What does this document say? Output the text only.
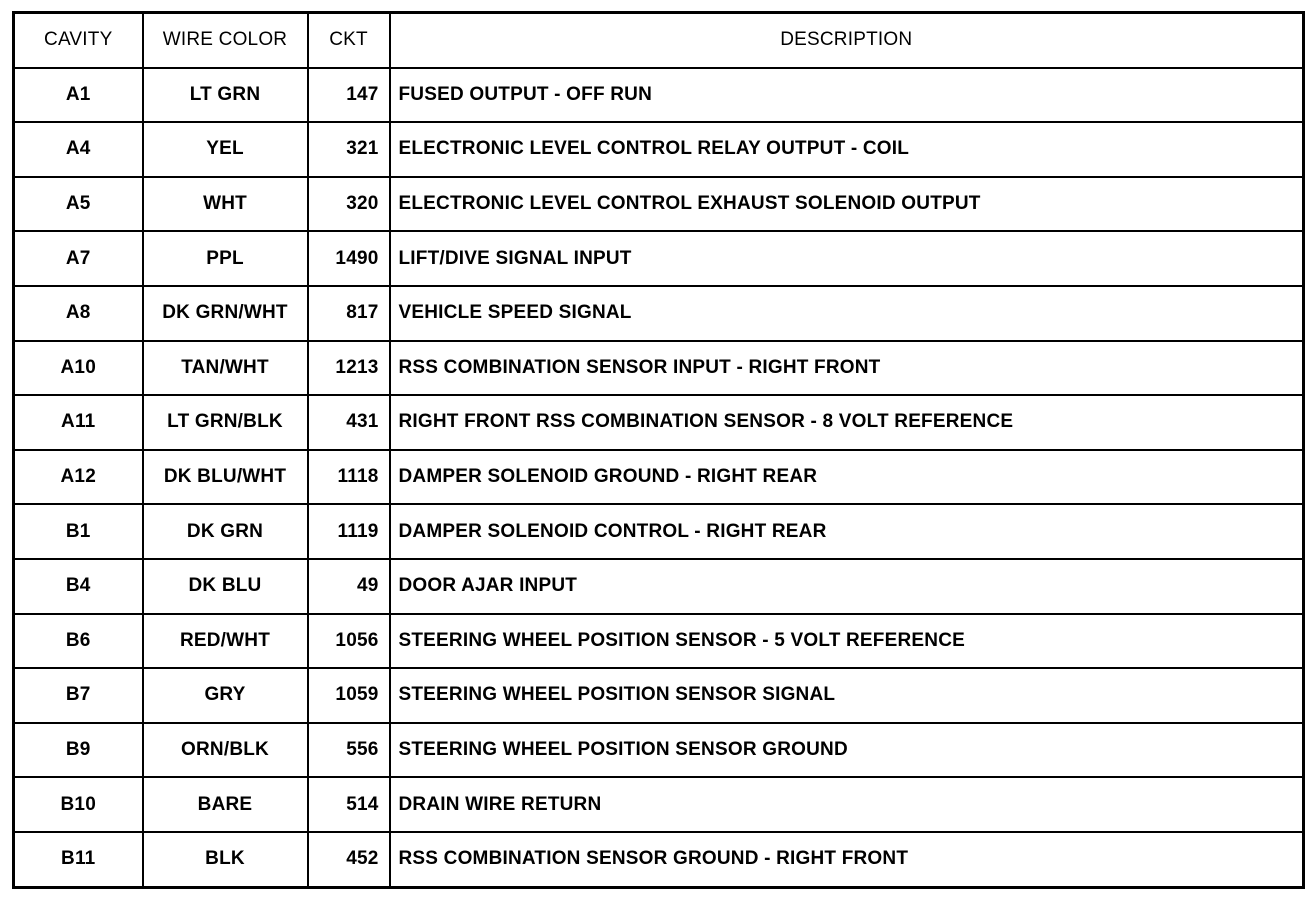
CAVITY	WIRE COLOR	CKT	DESCRIPTION
A1	LT GRN	147	FUSED OUTPUT - OFF RUN
A4	YEL	321	ELECTRONIC LEVEL CONTROL RELAY OUTPUT - COIL
A5	WHT	320	ELECTRONIC LEVEL CONTROL EXHAUST SOLENOID OUTPUT
A7	PPL	1490	LIFT/DIVE SIGNAL INPUT
A8	DK GRN/WHT	817	VEHICLE SPEED SIGNAL
A10	TAN/WHT	1213	RSS COMBINATION SENSOR INPUT - RIGHT FRONT
A11	LT GRN/BLK	431	RIGHT FRONT RSS COMBINATION SENSOR - 8 VOLT REFERENCE
A12	DK BLU/WHT	1118	DAMPER SOLENOID GROUND - RIGHT REAR
B1	DK GRN	1119	DAMPER SOLENOID CONTROL - RIGHT REAR
B4	DK BLU	49	DOOR AJAR INPUT
B6	RED/WHT	1056	STEERING WHEEL POSITION SENSOR - 5 VOLT REFERENCE
B7	GRY	1059	STEERING WHEEL POSITION SENSOR SIGNAL
B9	ORN/BLK	556	STEERING WHEEL POSITION SENSOR GROUND
B10	BARE	514	DRAIN WIRE RETURN
B11	BLK	452	RSS COMBINATION SENSOR GROUND - RIGHT FRONT
